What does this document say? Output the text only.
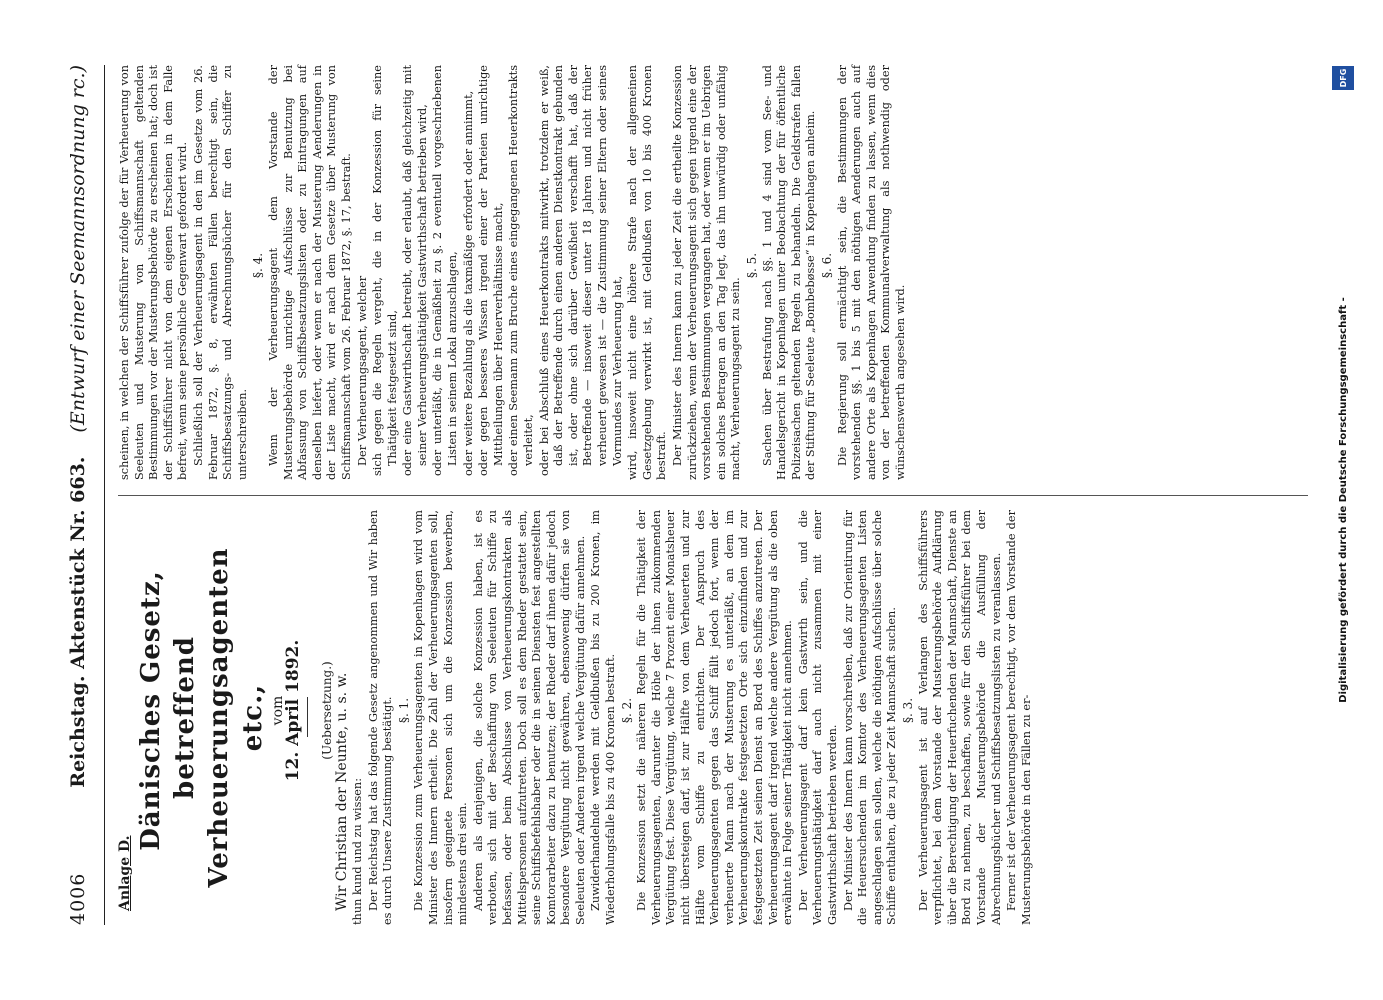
4006
Reichstag. Aktenstück Nr. 663.
(Entwurf einer Seemannsordnung rc.)

Anlage D.

Dänisches Gesetz, betreffend Verheuerungsagenten etc., vom

12. April 1892. (Uebersetzung.) Wir Christian der Neunte, u. s. w. thun kund und zu wissen: Der Reichstag hat das folgende Gesetz angenommen und Wir haben es durch Unsere Zustimmung bestätigt. §. 1. Die Konzession zum Verheuerungsagenten in Kopenhagen wird vom Minister des Innern ertheilt. Die Zahl der Verheuerungsagenten soll, insofern geeignete Personen sich um die Konzession bewerben, mindestens drei sein. Anderen als denjenigen, die solche Konzession haben, ist es verboten, sich mit der Beschaffung von Seeleuten für Schiffe zu befassen, oder beim Abschlusse von Verheuerungskontrakten als Mittelspersonen aufzutreten. Doch soll es dem Rheder gestattet sein, seine Schiffsbefehlshaber oder die in seinen Diensten fest angestellten Komtorarbeiter dazu zu benutzen; der Rheder darf ihnen dafür jedoch besondere Vergütung nicht gewähren, ebensowenig dürfen sie von Seeleuten oder Anderen irgend welche Vergütung dafür annehmen. Zuwiderhandelnde werden mit Geldbußen bis zu 200 Kronen, im Wiederholungsfalle bis zu 400 Kronen bestraft. §. 2. Die Konzession setzt die näheren Regeln für die Thätigkeit der Verheuerungsagenten, darunter die Höhe der ihnen zukommenden Vergütung fest. Diese Vergütung, welche 7 Prozent einer Monatsheuer nicht übersteigen darf, ist zur Hälfte von dem Verheuerten und zur Hälfte vom Schiffe zu entrichten. Der Anspruch des Verheuerungsagenten gegen das Schiff fällt jedoch fort, wenn der verheuerte Mann nach der Musterung es unterläßt, an dem im Verheuerungskontrakte festgesetzten Orte sich einzufinden und zur festgesetzten Zeit seinen Dienst an Bord des Schiffes anzutreten. Der Verheuerungsagent darf irgend welche andere Vergütung als die oben erwähnte in Folge seiner Thätigkeit nicht annehmen. Der Verheuerungsagent darf kein Gastwirth sein, und die Verheuerungsthätigkeit darf auch nicht zusammen mit einer Gastwirthschaft betrieben werden. Der Minister des Innern kann vorschreiben, daß zur Orientirung für die Heuersuchenden im Komtor des Verheuerungsagenten Listen angeschlagen sein sollen, welche die nöthigen Aufschlüsse über solche Schiffe enthalten, die zu jeder Zeit Mannschaft suchen. §. 3. Der Verheuerungsagent ist auf Verlangen des Schiffsführers verpflichtet, bei dem Vorstande der Musterungsbehörde Aufklärung über die Berechtigung der Heuerfuchenden der Mannschaft, Dienste an Bord zu nehmen, zu beschaffen, sowie für den Schiffsführer bei dem Vorstande der Musterungsbehörde die Ausfüllung der Abrechnungsbücher und Schiffsbesatzungslisten zu veranlassen. Ferner ist der Verheuerungsagent berechtigt, vor dem Vorstande der Musterungsbehörde in den Fällen zu er-

scheinen, in welchen der Schiffsführer zufolge der für Verheuerung von Seeleuten und Musterung von Schiffsmannschaft geltenden Bestimmungen vor der Musterungsbehörde zu erscheinen hat; doch ist der Schiffsführer nicht von dem eigenen Erscheinen in dem Falle befreit, wenn seine persönliche Gegenwart gefordert wird. Schließlich soll der Verheuerungsagent in den im Gesetze vom 26. Februar 1872, §. 8, erwähnten Fällen berechtigt sein, die Schiffsbesatzungs- und Abrechnungsbücher für den Schiffer zu unterschreiben.

§. 4. Wenn der Verheuerungsagent dem Vorstande der Musterungsbehörde unrichtige Aufschlüsse zur Benutzung bei Abfassung von Schiffsbesatzungslisten oder zu Eintragungen auf denselben liefert, oder wenn er nach der Musterung Aenderungen in der Liste macht, wird er nach dem Gesetze über Musterung von Schiffsmannschaft vom 26. Februar 1872, §. 17, bestraft. Der Verheuerungsagent, welcher sich gegen die Regeln vergeht, die in der Konzession für seine Thätigkeit festgesetzt sind, oder eine Gastwirthschaft betreibt, oder erlaubt, daß gleichzeitig mit seiner Verheuerungsthätigkeit Gastwirthschaft betrieben wird, oder unterläßt, die in Gemäßheit zu §. 2 eventuell vorgeschriebenen Listen in seinem Lokal anzuschlagen, oder weitere Bezahlung als die taxmäßige erfordert oder annimmt, oder gegen besseres Wissen irgend einer der Parteien unrichtige Mittheilungen über Heuerverhältnisse macht, oder einen Seemann zum Bruche eines eingegangenen Heuerkontrakts verleitet, oder bei Abschluß eines Heuerkontrakts mitwirkt, trotzdem er weiß, daß der Betreffende durch einen anderen Dienstkontrakt gebunden ist, oder ohne sich darüber Gewißheit verschafft hat, daß der Betreffende — insoweit dieser unter 18 Jahren und nicht früher verheuert gewesen ist — die Zustimmung seiner Eltern oder seines Vormundes zur Verheuerung hat, wird, insoweit nicht eine höhere Strafe nach der allgemeinen Gesetzgebung verwirkt ist, mit Geldbußen von 10 bis 400 Kronen bestraft. Der Minister des Innern kann zu jeder Zeit die ertheilte Konzession zurückziehen, wenn der Verheuerungsagent sich gegen irgend eine der vorstehenden Bestimmungen vergangen hat, oder wenn er im Uebrigen ein solches Betragen an den Tag legt, das ihn unwürdig oder unfähig macht, Verheuerungsagent zu sein.

§. 5. Sachen über Bestrafung nach §§. 1 und 4 sind vom See- und Handelsgericht in Kopenhagen unter Beobachtung der für öffentliche Polizeisachen geltenden Regeln zu behandeln. Die Geldstrafen fallen der Stiftung für Seeleute „Bombebøsse“ in Kopenhagen anheim. §. 6. Die Regierung soll ermächtigt sein, die Bestimmungen der vorstehenden §§. 1 bis 5 mit den nöthigen Aenderungen auch auf andere Orte als Kopenhagen Anwendung finden zu lassen, wenn dies von der betreffenden Kommunalverwaltung als nothwendig oder wünschenswerth angesehen wird.	Digitalisierung gefördert durch die Deutsche Forschungsgemeinschaft -
DFG
